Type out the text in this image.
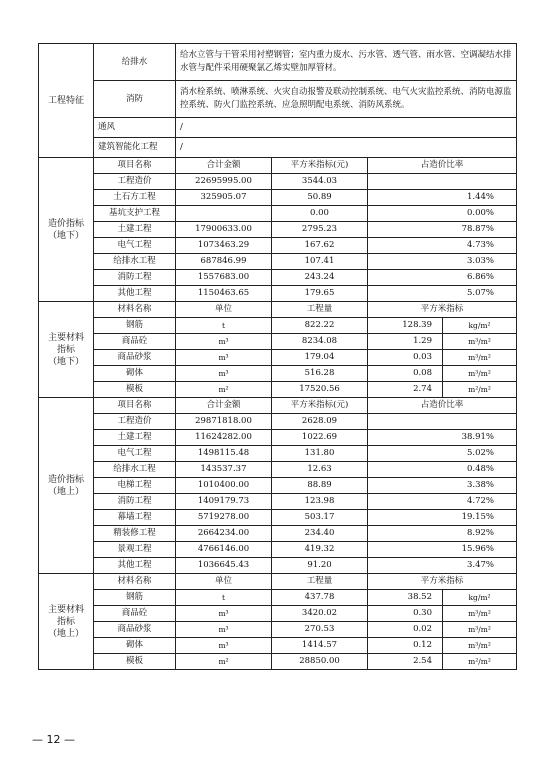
工程特征	给排水	给水立管与干管采用衬塑钢管；室内重力废水、污水管、透气管、雨水管、空调凝结水排水管与配件采用硬聚氯乙烯实壁加厚管材。			
	消防	消水栓系统、喷淋系统、火灾自动报警及联动控制系统、电气火灾监控系统、消防电源监控系统、防火门监控系统、应急照明配电系统、消防风系统。			
	通风	/			
	建筑智能化工程	/			
造价指标
（地下）	项目名称	合计金额	平方米指标(元)	占造价比率	
	工程造价	22695995.00	3544.03		
	土石方工程	325905.07	50.89	1.44%	
	基坑支护工程		0.00	0.00%	
	土建工程	17900633.00	2795.23	78.87%	
	电气工程	1073463.29	167.62	4.73%	
	给排水工程	687846.99	107.41	3.03%	
	消防工程	1557683.00	243.24	6.86%	
	其他工程	1150463.65	179.65	5.07%	
主要材料
指标
（地下）	材料名称	单位	工程量	平方米指标	
	钢筋	t	822.22	128.39	kg/m²
	商品砼	m³	8234.08	1.29	m³/m²
	商品砂浆	m³	179.04	0.03	m³/m²
	砌体	m³	516.28	0.08	m³/m²
	模板	m²	17520.56	2.74	m²/m²
造价指标
（地上）	项目名称	合计金额	平方米指标(元)	占造价比率	
	工程造价	29871818.00	2628.09		
	土建工程	11624282.00	1022.69	38.91%	
	电气工程	1498115.48	131.80	5.02%	
	给排水工程	143537.37	12.63	0.48%	
	电梯工程	1010400.00	88.89	3.38%	
	消防工程	1409179.73	123.98	4.72%	
	幕墙工程	5719278.00	503.17	19.15%	
	精装修工程	2664234.00	234.40	8.92%	
	景观工程	4766146.00	419.32	15.96%	
	其他工程	1036645.43	91.20	3.47%	
主要材料
指标
（地上）	材料名称	单位	工程量	平方米指标	
	钢筋	t	437.78	38.52	kg/m²
	商品砼	m³	3420.02	0.30	m³/m²
	商品砂浆	m³	270.53	0.02	m³/m²
	砌体	m³	1414.57	0.12	m³/m²
	模板	m²	28850.00	2.54	m²/m²
— 12 —
